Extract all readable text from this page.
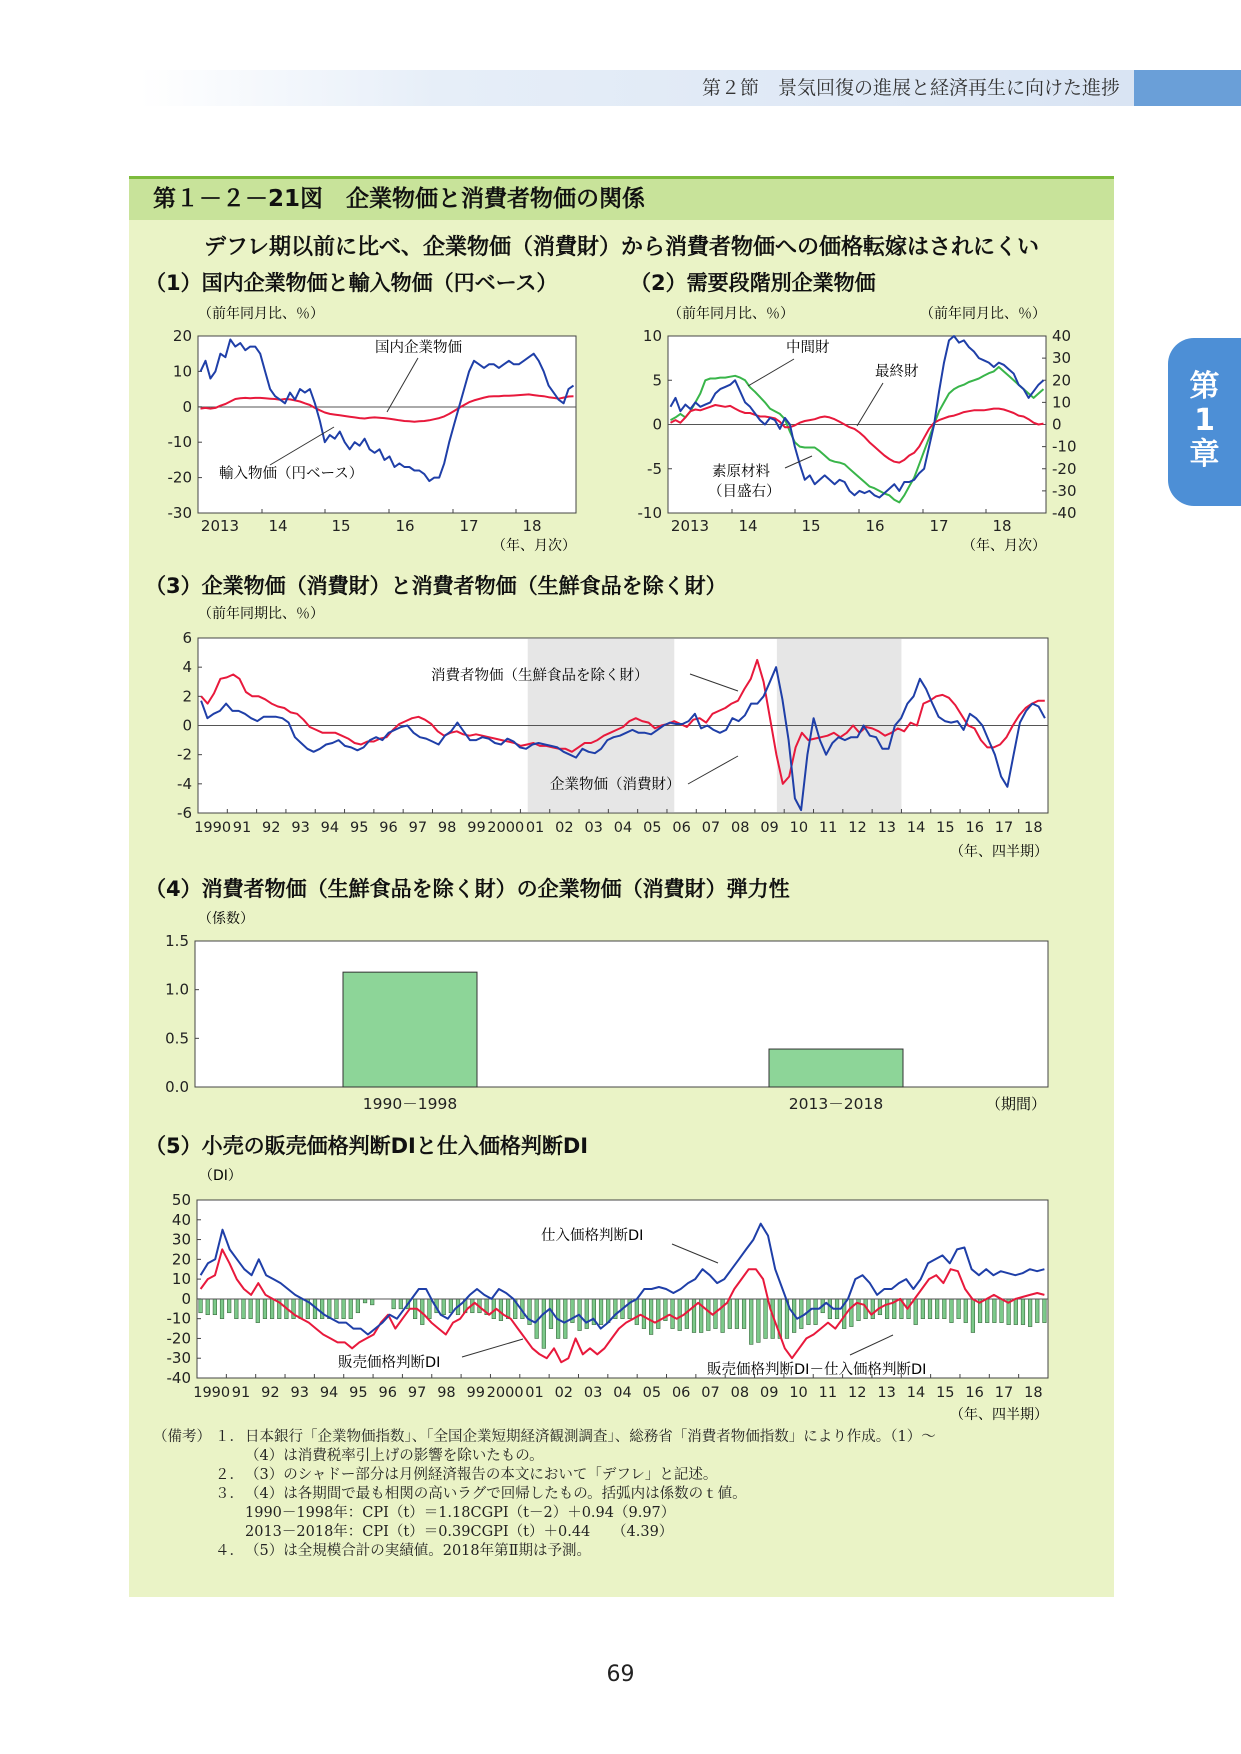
第２節　景気回復の進展と経済再生に向けた進捗
第
1
章
第１－２－21図　企業物価と消費者物価の関係
デフレ期以前に比べ、企業物価（消費財）から消費者物価への価格転嫁はされにくい
（1）国内企業物価と輸入物価（円ベース）	（2）需要段階別企業物価
（3）企業物価（消費財）と消費者物価（生鮮食品を除く財）
（4）消費者物価（生鮮食品を除く財）の企業物価（消費財）弾力性
（5）小売の販売価格判断DIと仕入価格判断DI
20
10
0
-10
-20
-30
2013 14	15	16	17	18
（前年同月比、％）
（年、月次）
国内企業物価
輸入物価（円ベース）
10
5
0
-5
-10
40
30
20
10
0
-10
-20
-30
-40
2013 14	15	16	17	18
（前年同月比、％）	（前年同月比、％）
（年、月次）
中間財
最終財
素原材料
（目盛右）
6
4
2
0
-2
-4
-6
1990 91 92 93 94 95 96 97 98 99 2000 01 02 03 04 05 06 07 08 09 10 11 12 13 14 15 16 17 18
（前年同期比、％）
（年、四半期）
消費者物価（生鮮食品を除く財）
企業物価（消費財）
1.5
1.0
0.5
0.0
1990－1998	2013－2018
（係数）
（期間）
50
40
30
20
10
0
-10
-20
-30
-40
1990 91 92 93 94 95 96 97 98 99 2000 01 02 03 04 05 06 07 08 09 10 11 12 13 14 15 16 17 18
（DI）
（年、四半期）
仕入価格判断DI
販売価格判断DI	販売価格判断DI－仕入価格判断DI
（備考） １． 日本銀行「企業物価指数」、「全国企業短期経済観測調査」、総務省「消費者物価指数」により作成。（1）～
（4）は消費税率引上げの影響を除いたもの。
２． （3）のシャドー部分は月例経済報告の本文において「デフレ」と記述。
３． （4）は各期間で最も相関の高いラグで回帰したもの。括弧内は係数のｔ値。
1990－1998年：CPI（t）＝1.18CGPI（t－2）＋0.94（9.97）
2013－2018年：CPI（t）＝0.39CGPI（t）＋0.44　　（4.39）
４． （5）は全規模合計の実績値。2018年第Ⅱ期は予測。
69
